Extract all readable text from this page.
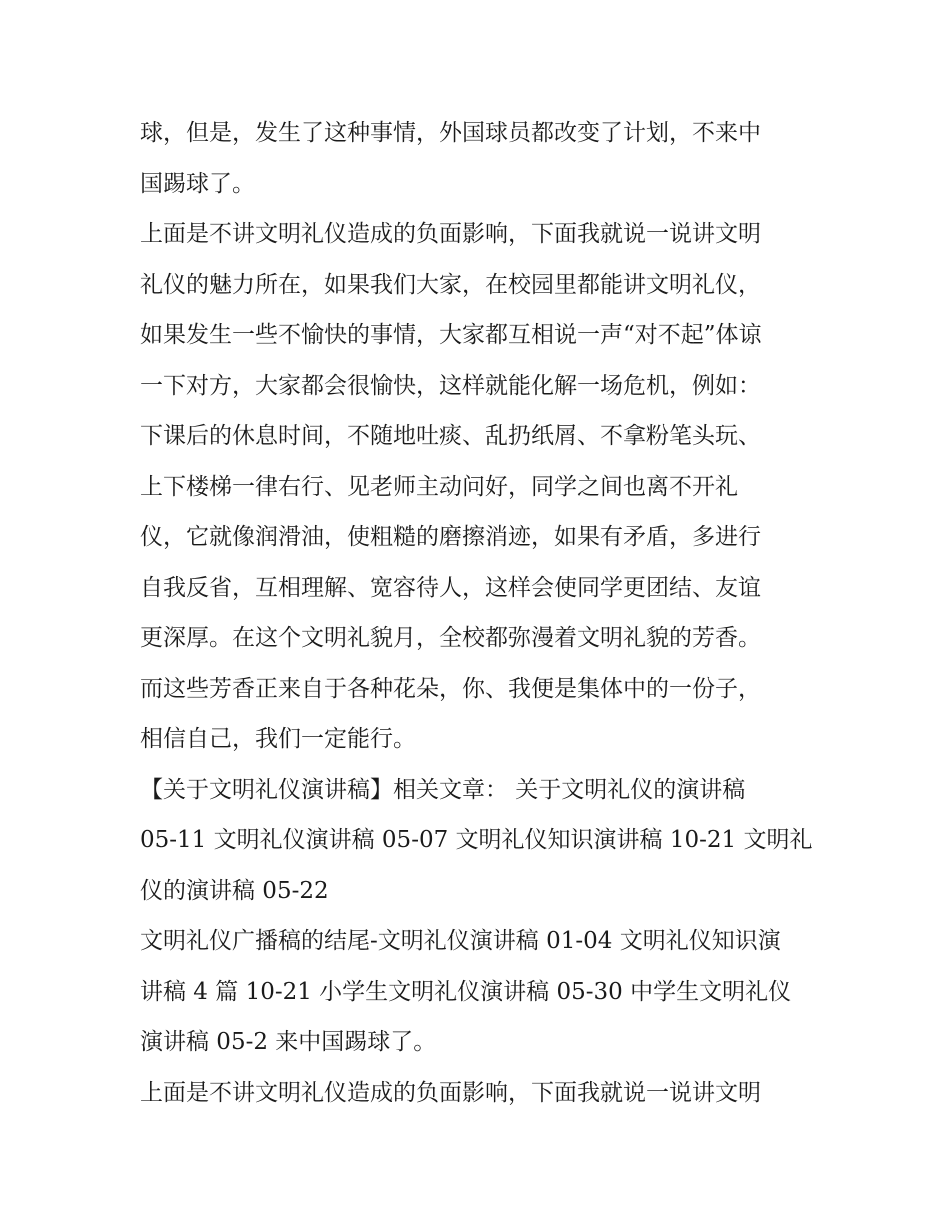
球，但是，发生了这种事情，外国球员都改变了计划，不来中
国踢球了。
上面是不讲文明礼仪造成的负面影响，下面我就说一说讲文明
礼仪的魅力所在，如果我们大家，在校园里都能讲文明礼仪，
如果发生一些不愉快的事情，大家都互相说一声“对不起”体谅
一下对方，大家都会很愉快，这样就能化解一场危机，例如：
下课后的休息时间，不随地吐痰、乱扔纸屑、不拿粉笔头玩、
上下楼梯一律右行、见老师主动问好，同学之间也离不开礼
仪，它就像润滑油，使粗糙的磨擦消迹，如果有矛盾，多进行
自我反省，互相理解、宽容待人，这样会使同学更团结、友谊
更深厚。在这个文明礼貌月，全校都弥漫着文明礼貌的芳香。
而这些芳香正来自于各种花朵，你、我便是集体中的一份子，
相信自己，我们一定能行。
【关于文明礼仪演讲稿】相关文章： 关于文明礼仪的演讲稿
05-11 文明礼仪演讲稿 05-07 文明礼仪知识演讲稿 10-21 文明礼
仪的演讲稿 05-22
文明礼仪广播稿的结尾-文明礼仪演讲稿 01-04 文明礼仪知识演
讲稿 4 篇 10-21 小学生文明礼仪演讲稿 05-30 中学生文明礼仪
演讲稿 05-2 来中国踢球了。
上面是不讲文明礼仪造成的负面影响，下面我就说一说讲文明
